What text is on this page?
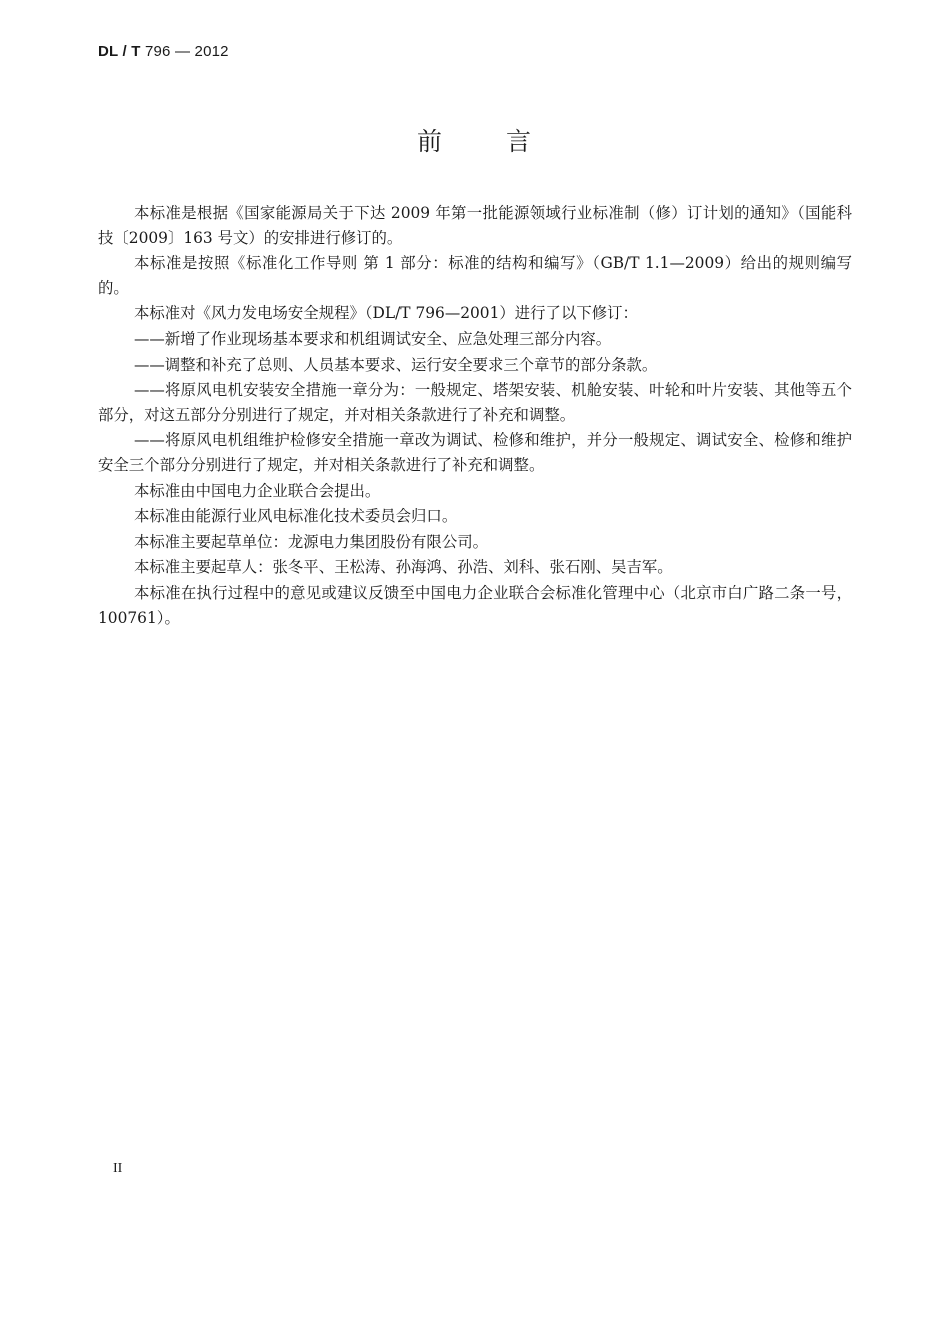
DL / T 796 — 2012
前 言

本标准是根据《国家能源局关于下达 2009 年第一批能源领域行业标准制（修）订计划的通知》（国能科技〔2009〕163 号文）的安排进行修订的。

本标准是按照《标准化工作导则 第 1 部分：标准的结构和编写》（GB/T 1.1—2009）给出的规则编写的。

本标准对《风力发电场安全规程》（DL/T 796—2001）进行了以下修订：

——新增了作业现场基本要求和机组调试安全、应急处理三部分内容。

——调整和补充了总则、人员基本要求、运行安全要求三个章节的部分条款。

——将原风电机安装安全措施一章分为：一般规定、塔架安装、机舱安装、叶轮和叶片安装、其他等五个部分，对这五部分分别进行了规定，并对相关条款进行了补充和调整。

——将原风电机组维护检修安全措施一章改为调试、检修和维护，并分一般规定、调试安全、检修和维护安全三个部分分别进行了规定，并对相关条款进行了补充和调整。

本标准由中国电力企业联合会提出。

本标准由能源行业风电标准化技术委员会归口。

本标准主要起草单位：龙源电力集团股份有限公司。

本标准主要起草人：张冬平、王松涛、孙海鸿、孙浩、刘科、张石刚、吴吉军。

本标准在执行过程中的意见或建议反馈至中国电力企业联合会标准化管理中心（北京市白广路二条一号，100761）。

II
